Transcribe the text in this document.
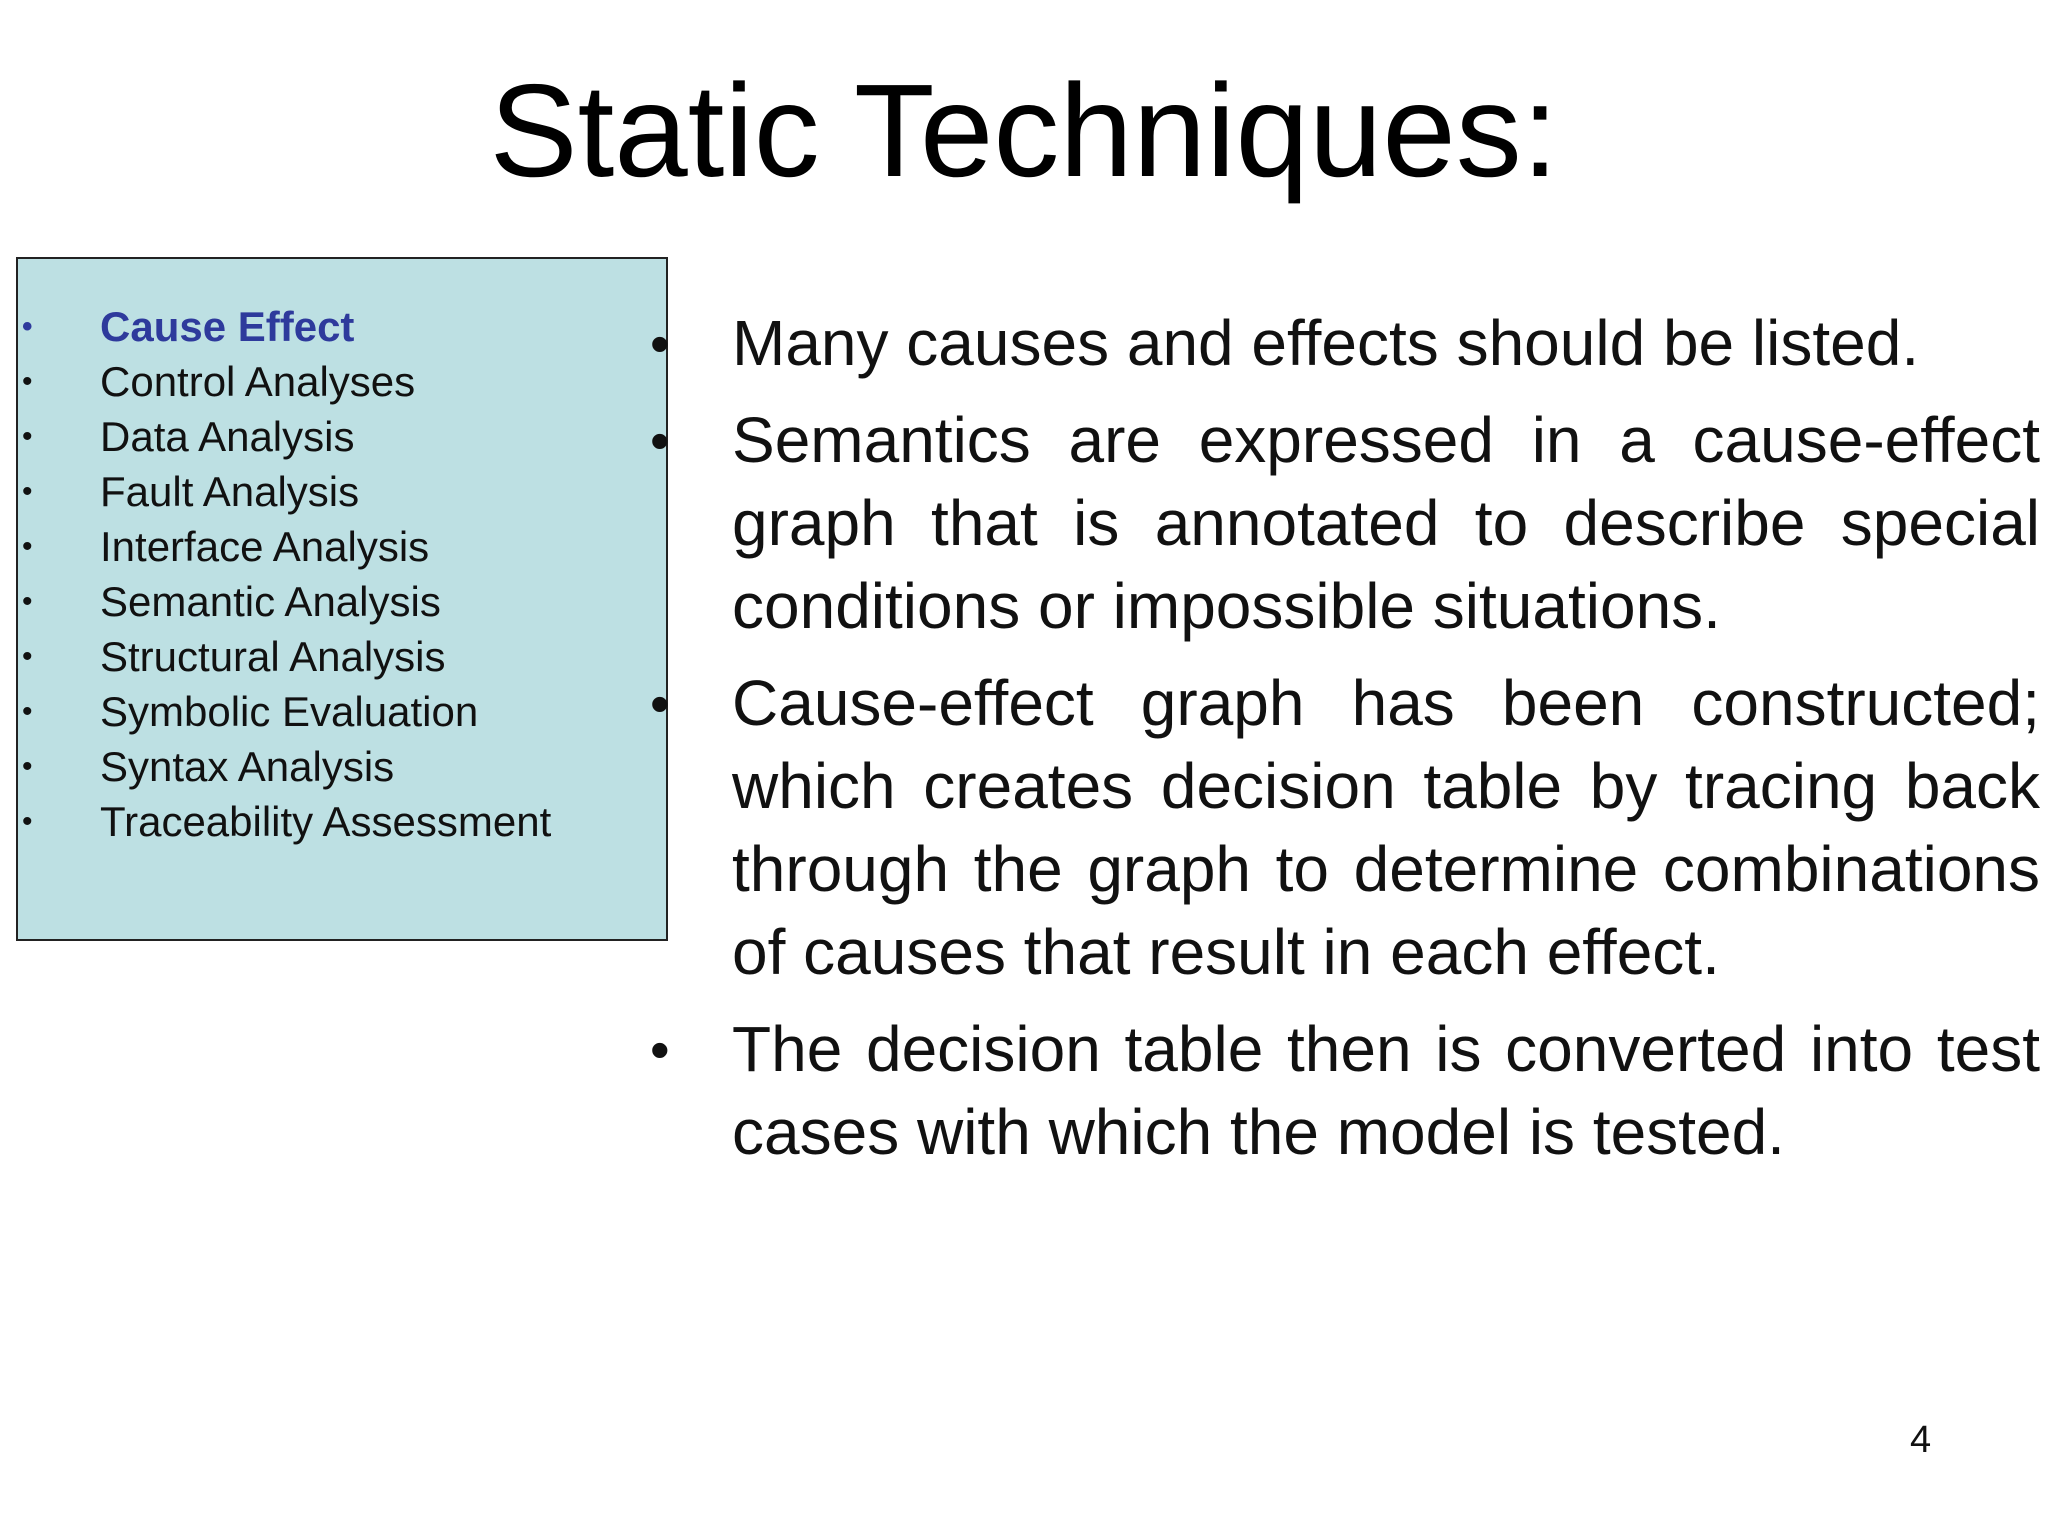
Static Techniques:
•	Cause Effect
•	Control Analyses
•	Data Analysis
•	Fault Analysis
•	Interface Analysis
•	Semantic Analysis
•	Structural Analysis
•	Symbolic Evaluation
•	Syntax Analysis
•	Traceability Assessment
• Many causes and effects should be listed.
• Semantics are expressed in a cause-effect graph that is annotated to describe special conditions or impossible situations.
• Cause-effect graph has been constructed; which creates decision table by tracing back through the graph to determine combinations of causes that result in each effect.
• The decision table then is converted into test cases with which the model is tested.
4
